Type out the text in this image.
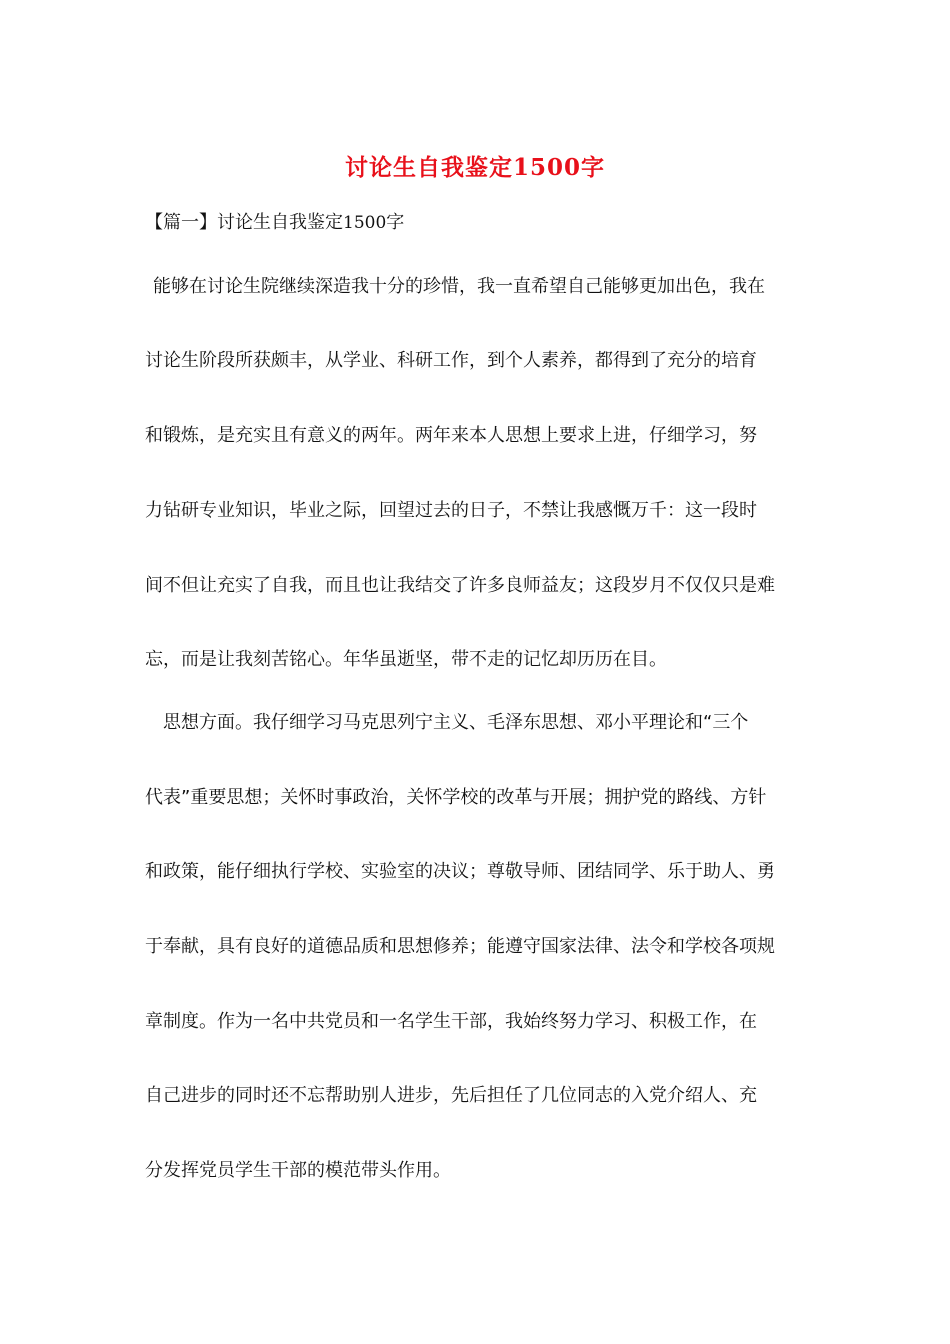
讨论生自我鉴定1500字
【篇一】讨论生自我鉴定1500字
能够在讨论生院继续深造我十分的珍惜，我一直希望自己能够更加出色，我在
讨论生阶段所获颇丰，从学业、科研工作，到个人素养，都得到了充分的培育
和锻炼，是充实且有意义的两年。两年来本人思想上要求上进，仔细学习，努
力钻研专业知识，毕业之际，回望过去的日子，不禁让我感慨万千：这一段时
间不但让充实了自我，而且也让我结交了许多良师益友；这段岁月不仅仅只是难
忘，而是让我刻苦铭心。年华虽逝坚，带不走的记忆却历历在目。
思想方面。我仔细学习马克思列宁主义、毛泽东思想、邓小平理论和“三个
代表”重要思想；关怀时事政治，关怀学校的改革与开展；拥护党的路线、方针
和政策，能仔细执行学校、实验室的决议；尊敬导师、团结同学、乐于助人、勇
于奉献，具有良好的道德品质和思想修养；能遵守国家法律、法令和学校各项规
章制度。作为一名中共党员和一名学生干部，我始终努力学习、积极工作，在
自己进步的同时还不忘帮助别人进步，先后担任了几位同志的入党介绍人、充
分发挥党员学生干部的模范带头作用。
